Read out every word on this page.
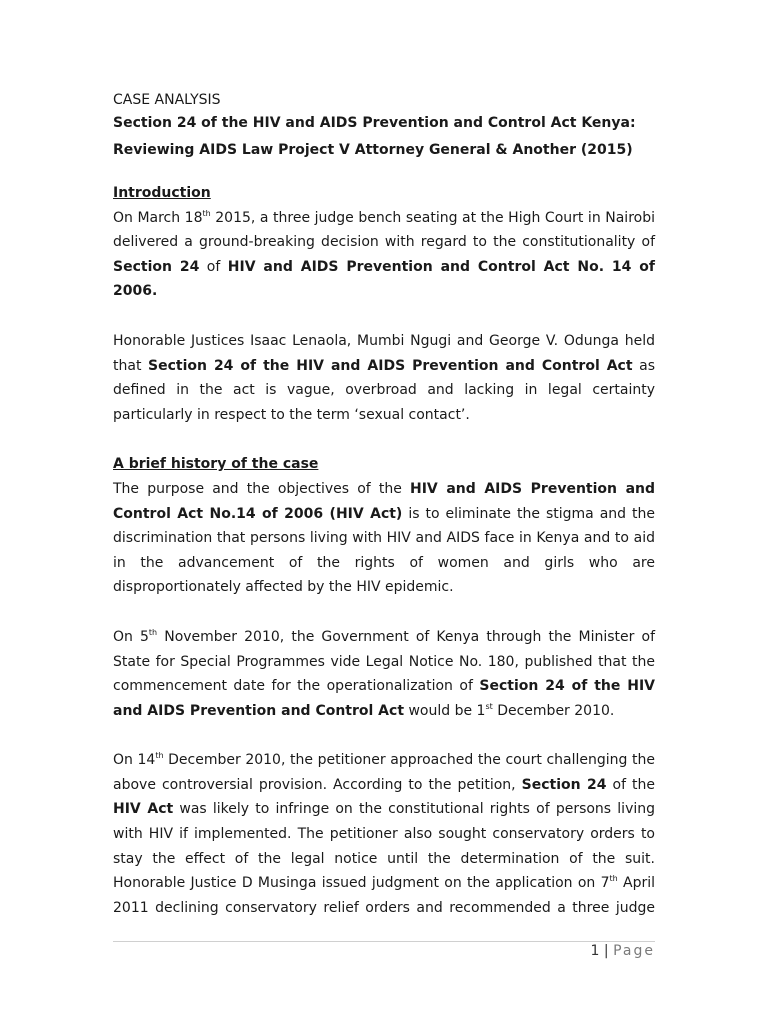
CASE ANALYSIS
Section 24 of the HIV and AIDS Prevention and Control Act Kenya:
Reviewing AIDS Law Project V Attorney General & Another (2015)
Introduction
On March 18th 2015, a three judge bench seating at the High Court in Nairobi
delivered a ground-breaking decision with regard to the constitutionality of
Section 24 of HIV and AIDS Prevention and Control Act No. 14 of
2006.
Honorable Justices Isaac Lenaola, Mumbi Ngugi and George V. Odunga held
that Section 24 of the HIV and AIDS Prevention and Control Act as
defined in the act is vague, overbroad and lacking in legal certainty
particularly in respect to the term ‘sexual contact’.
A brief history of the case
The purpose and the objectives of the HIV and AIDS Prevention and
Control Act No.14 of 2006 (HIV Act) is to eliminate the stigma and the
discrimination that persons living with HIV and AIDS face in Kenya and to aid
in the advancement of the rights of women and girls who are
disproportionately affected by the HIV epidemic.
On 5th November 2010, the Government of Kenya through the Minister of
State for Special Programmes vide Legal Notice No. 180, published that the
commencement date for the operationalization of Section 24 of the HIV
and AIDS Prevention and Control Act would be 1st December 2010.
On 14th December 2010, the petitioner approached the court challenging the
above controversial provision. According to the petition, Section 24 of the
HIV Act was likely to infringe on the constitutional rights of persons living
with HIV if implemented. The petitioner also sought conservatory orders to
stay the effect of the legal notice until the determination of the suit.
Honorable Justice D Musinga issued judgment on the application on 7th April
2011 declining conservatory relief orders and recommended a three judge
1 | Page
